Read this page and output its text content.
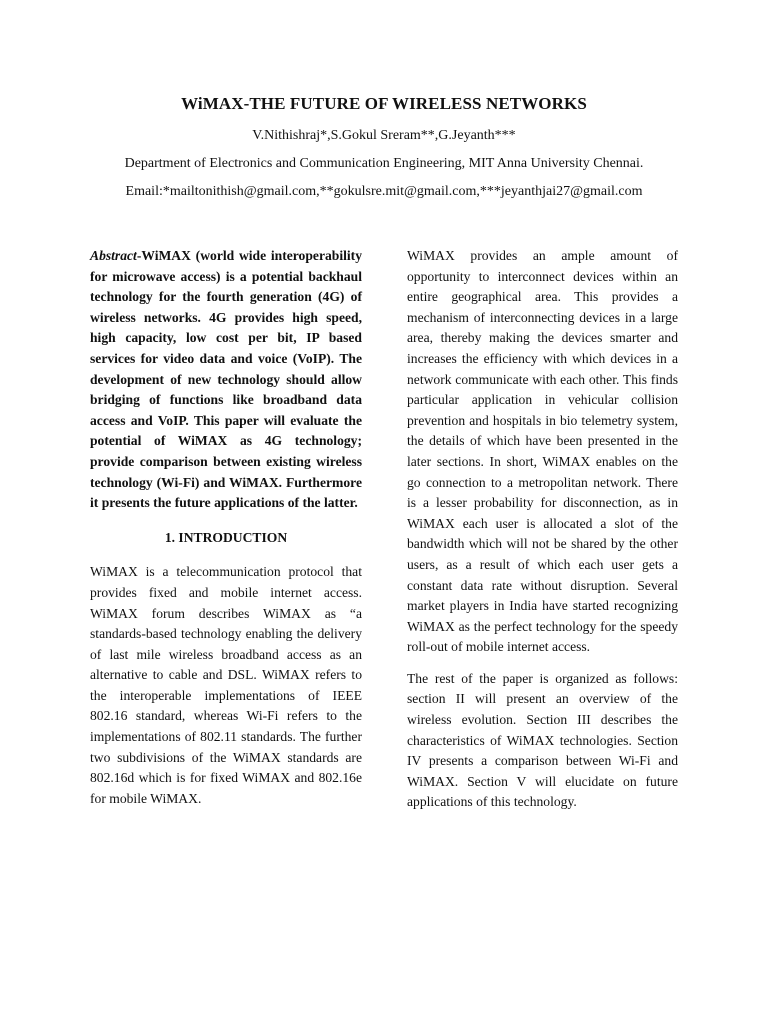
WiMAX-THE FUTURE OF WIRELESS NETWORKS
V.Nithishraj*,S.Gokul Sreram**,G.Jeyanth***
Department of Electronics and Communication Engineering, MIT Anna University Chennai.
Email:*mailtonithish@gmail.com,**gokulsre.mit@gmail.com,***jeyanthjai27@gmail.com

Abstract-WiMAX (world wide interoperability for microwave access) is a potential backhaul technology for the fourth generation (4G) of wireless networks. 4G provides high speed, high capacity, low cost per bit, IP based services for video data and voice (VoIP). The development of new technology should allow bridging of functions like broadband data access and VoIP. This paper will evaluate the potential of WiMAX as 4G technology; provide comparison between existing wireless technology (Wi-Fi) and WiMAX. Furthermore it presents the future applications of the latter.

1. INTRODUCTION

WiMAX is a telecommunication protocol that provides fixed and mobile internet access. WiMAX forum describes WiMAX as “a standards-based technology enabling the delivery of last mile wireless broadband access as an alternative to cable and DSL. WiMAX refers to the interoperable implementations of IEEE 802.16 standard, whereas Wi-Fi refers to the implementations of 802.11 standards. The further two subdivisions of the WiMAX standards are 802.16d which is for fixed WiMAX and 802.16e for mobile WiMAX.

WiMAX provides an ample amount of opportunity to interconnect devices within an entire geographical area. This provides a mechanism of interconnecting devices in a large area, thereby making the devices smarter and increases the efficiency with which devices in a network communicate with each other. This finds particular application in vehicular collision prevention and hospitals in bio telemetry system, the details of which have been presented in the later sections. In short, WiMAX enables on the go connection to a metropolitan network. There is a lesser probability for disconnection, as in WiMAX each user is allocated a slot of the bandwidth which will not be shared by the other users, as a result of which each user gets a constant data rate without disruption. Several market players in India have started recognizing WiMAX as the perfect technology for the speedy roll-out of mobile internet access.

The rest of the paper is organized as follows: section II will present an overview of the wireless evolution. Section III describes the characteristics of WiMAX technologies. Section IV presents a comparison between Wi-Fi and WiMAX. Section V will elucidate on future applications of this technology.
